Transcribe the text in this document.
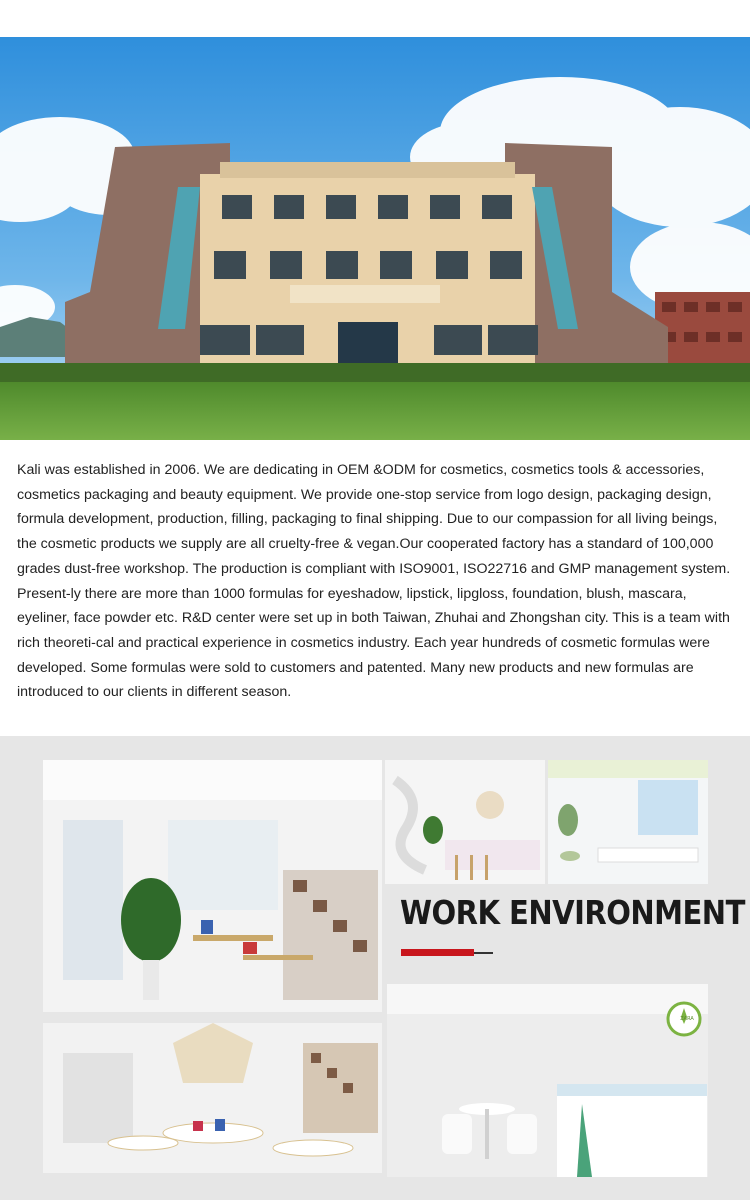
Kali was established in 2006. We are dedicating in OEM &ODM for cosmetics, cosmetics tools & accessories, cosmetics packaging and beauty equipment. We provide one-stop service from logo design, packaging design, formula development, production, filling, packaging to final shipping. Due to our compassion for all living beings, the cosmetic products we supply are all cruelty-free & vegan.Our cooperated factory has a standard of 100,000 grades dust-free workshop. The production is compliant with ISO9001, ISO22716 and GMP management system. Present-ly there are more than 1000 formulas for eyeshadow, lipstick, lipgloss, foundation, blush, mascara, eyeliner, face powder etc. R&D center were set up in both Taiwan, Zhuhai and Zhongshan city. This is a team with rich theoreti-cal and practical experience in cosmetics industry. Each year hundreds of cosmetic formulas were developed. Some formulas were sold to customers and patented. Many new products and new formulas are introduced to our clients in different season.

ZARA
WORK ENVIRONMENT
